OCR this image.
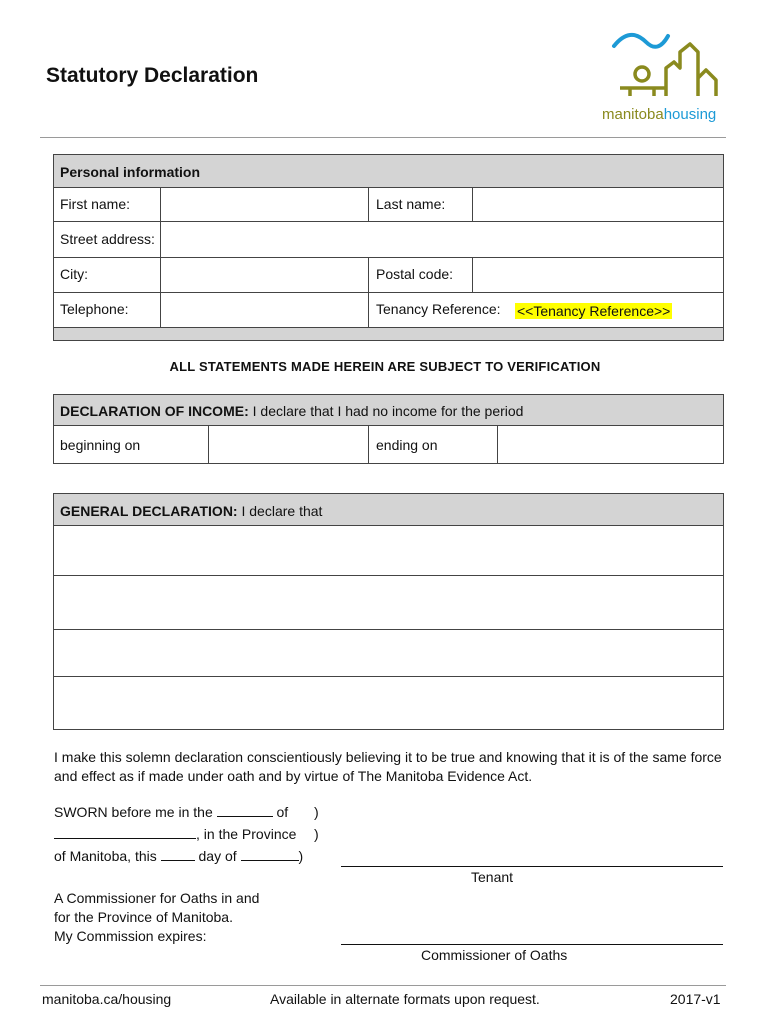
Statutory Declaration
manitobahousing
Personal information
First name:	Last name:
Street address:
City:	Postal code:
Telephone:	Tenancy Reference: <<Tenancy Reference>>
ALL STATEMENTS MADE HEREIN ARE SUBJECT TO VERIFICATION
DECLARATION OF INCOME: I declare that I had no income for the period
beginning on	ending on
GENERAL DECLARATION: I declare that
I make this solemn declaration conscientiously believing it to be true and knowing that it is of the same force and effect as if made under oath and by virtue of The Manitoba Evidence Act.
SWORN before me in the	of )
, in the Province )
of Manitoba, this	day of	)
Tenant
A Commissioner for Oaths in and
for the Province of Manitoba.
My Commission expires:
Commissioner of Oaths
manitoba.ca/housing	Available in alternate formats upon request.	2017-v1
